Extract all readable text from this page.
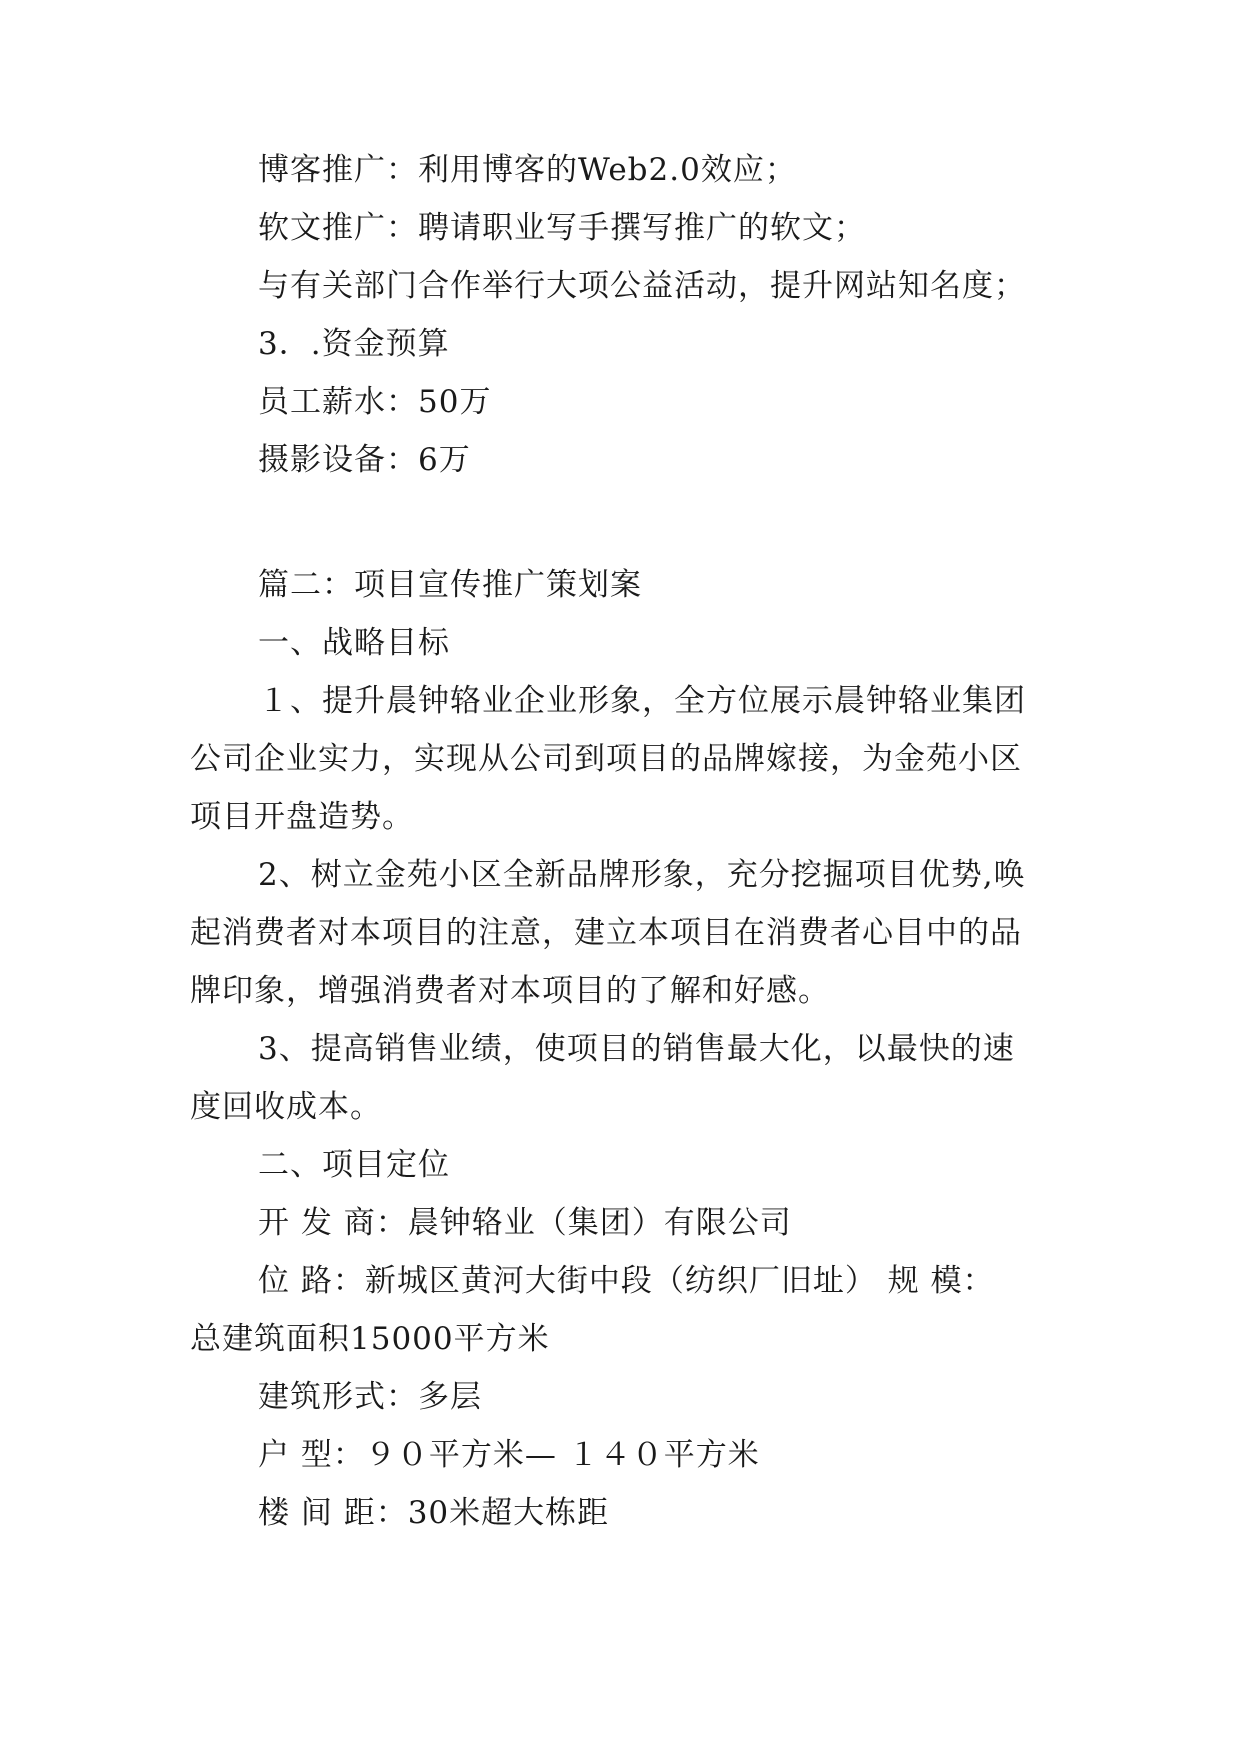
博客推广：利用博客的Web2.0效应；
软文推广：聘请职业写手撰写推广的软文；
与有关部门合作举行大项公益活动，提升网站知名度；
3．.资金预算
员工薪水：50万
摄影设备：6万
篇二：项目宣传推广策划案
一、战略目标
１、提升晨钟辂业企业形象，全方位展示晨钟辂业集团
公司企业实力，实现从公司到项目的品牌嫁接，为金苑小区
项目开盘造势。
2、树立金苑小区全新品牌形象，充分挖掘项目优势,唤
起消费者对本项目的注意，建立本项目在消费者心目中的品
牌印象，增强消费者对本项目的了解和好感。
3、提高销售业绩，使项目的销售最大化，以最快的速
度回收成本。
二、项目定位
开 发 商：晨钟辂业（集团）有限公司
位 路：新城区黄河大街中段（纺织厂旧址） 规 模：
总建筑面积15000平方米
建筑形式：多层
户 型：９０平方米— １４０平方米
楼 间 距：30米超大栋距
